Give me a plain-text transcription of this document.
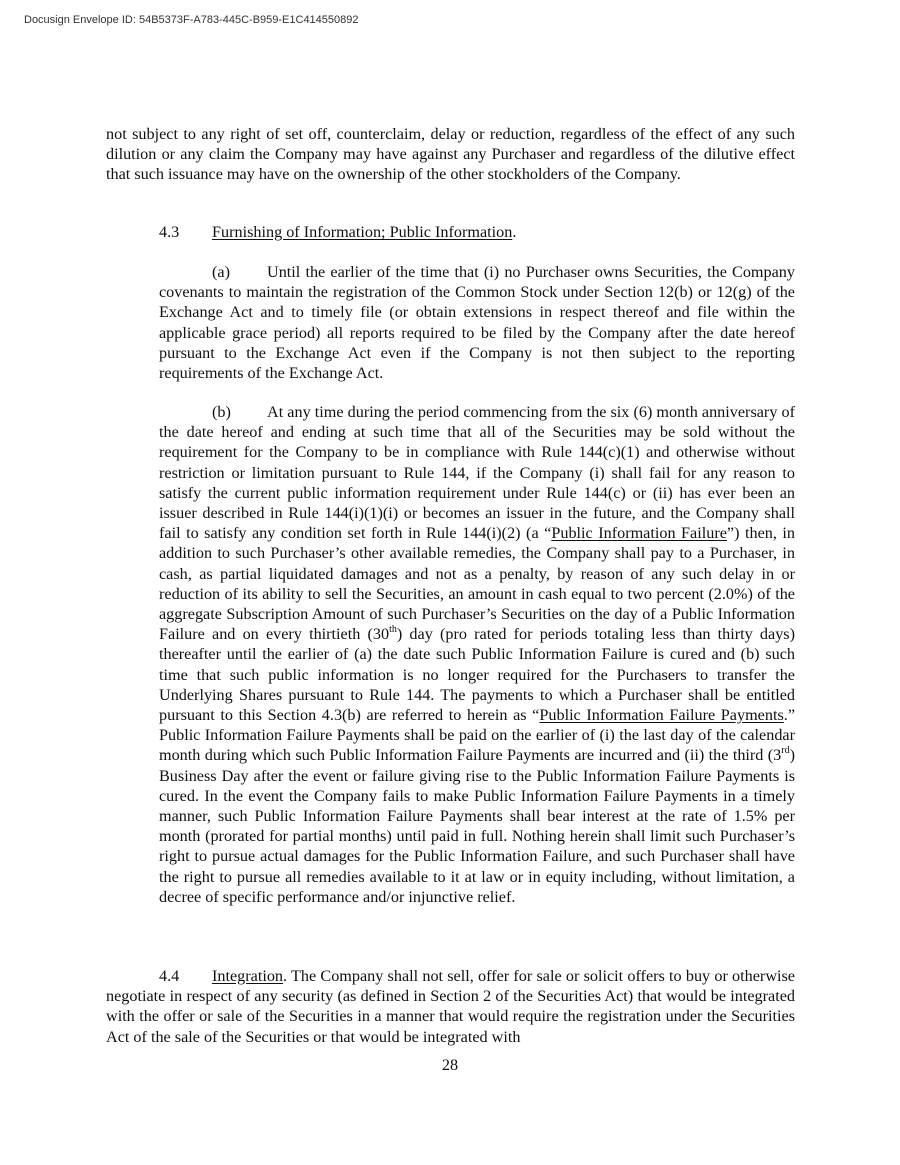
Docusign Envelope ID: 54B5373F-A783-445C-B959-E1C414550892
not subject to any right of set off, counterclaim, delay or reduction, regardless of the effect of any such dilution or any claim the Company may have against any Purchaser and regardless of the dilutive effect that such issuance may have on the ownership of the other stockholders of the Company.
4.3 Furnishing of Information; Public Information.
(a) Until the earlier of the time that (i) no Purchaser owns Securities, the Company covenants to maintain the registration of the Common Stock under Section 12(b) or 12(g) of the Exchange Act and to timely file (or obtain extensions in respect thereof and file within the applicable grace period) all reports required to be filed by the Company after the date hereof pursuant to the Exchange Act even if the Company is not then subject to the reporting requirements of the Exchange Act.
(b) At any time during the period commencing from the six (6) month anniversary of the date hereof and ending at such time that all of the Securities may be sold without the requirement for the Company to be in compliance with Rule 144(c)(1) and otherwise without restriction or limitation pursuant to Rule 144, if the Company (i) shall fail for any reason to satisfy the current public information requirement under Rule 144(c) or (ii) has ever been an issuer described in Rule 144(i)(1)(i) or becomes an issuer in the future, and the Company shall fail to satisfy any condition set forth in Rule 144(i)(2) (a “Public Information Failure”) then, in addition to such Purchaser’s other available remedies, the Company shall pay to a Purchaser, in cash, as partial liquidated damages and not as a penalty, by reason of any such delay in or reduction of its ability to sell the Securities, an amount in cash equal to two percent (2.0%) of the aggregate Subscription Amount of such Purchaser’s Securities on the day of a Public Information Failure and on every thirtieth (30th) day (pro rated for periods totaling less than thirty days) thereafter until the earlier of (a) the date such Public Information Failure is cured and (b) such time that such public information is no longer required for the Purchasers to transfer the Underlying Shares pursuant to Rule 144. The payments to which a Purchaser shall be entitled pursuant to this Section 4.3(b) are referred to herein as “Public Information Failure Payments.” Public Information Failure Payments shall be paid on the earlier of (i) the last day of the calendar month during which such Public Information Failure Payments are incurred and (ii) the third (3rd) Business Day after the event or failure giving rise to the Public Information Failure Payments is cured. In the event the Company fails to make Public Information Failure Payments in a timely manner, such Public Information Failure Payments shall bear interest at the rate of 1.5% per month (prorated for partial months) until paid in full. Nothing herein shall limit such Purchaser’s right to pursue actual damages for the Public Information Failure, and such Purchaser shall have the right to pursue all remedies available to it at law or in equity including, without limitation, a decree of specific performance and/or injunctive relief.
4.4 Integration. The Company shall not sell, offer for sale or solicit offers to buy or otherwise negotiate in respect of any security (as defined in Section 2 of the Securities Act) that would be integrated with the offer or sale of the Securities in a manner that would require the registration under the Securities Act of the sale of the Securities or that would be integrated with
28
